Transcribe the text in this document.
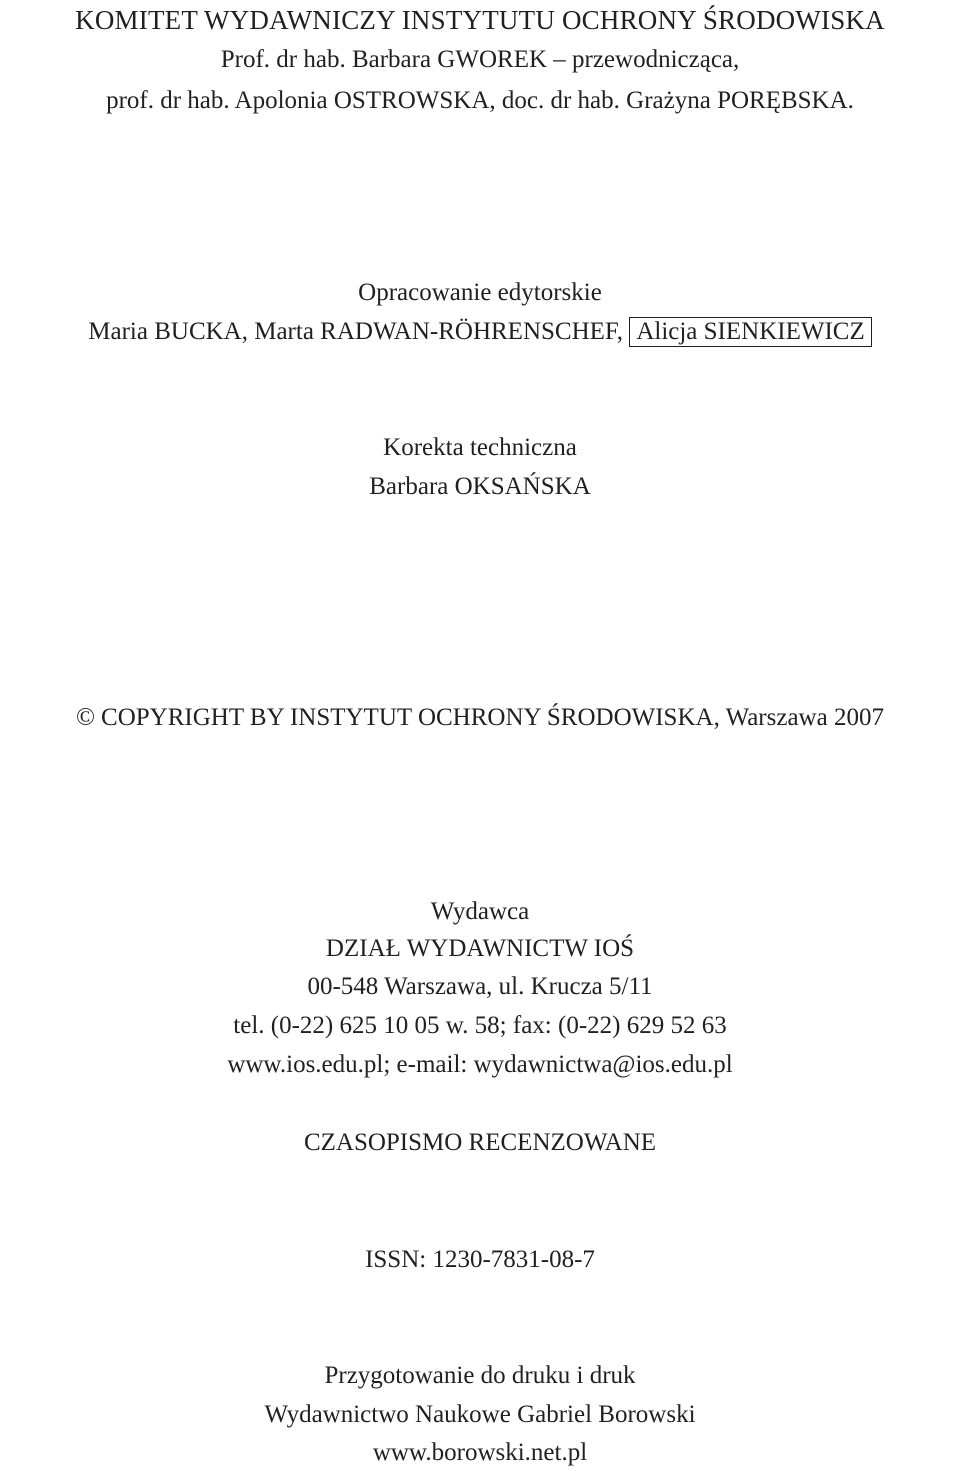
KOMITET WYDAWNICZY INSTYTUTU OCHRONY ŚRODOWISKA
Prof. dr hab. Barbara GWOREK – przewodnicząca,
prof. dr hab. Apolonia OSTROWSKA, doc. dr hab. Grażyna PORĘBSKA.
Opracowanie edytorskie
Maria BUCKA, Marta RADWAN-RÖHRENSCHEF, Alicja SIENKIEWICZ
Korekta techniczna
Barbara OKSAŃSKA
© COPYRIGHT BY INSTYTUT OCHRONY ŚRODOWISKA, Warszawa 2007
Wydawca
DZIAŁ WYDAWNICTW IOŚ
00-548 Warszawa, ul. Krucza 5/11
tel. (0-22) 625 10 05 w. 58; fax: (0-22) 629 52 63
www.ios.edu.pl; e-mail: wydawnictwa@ios.edu.pl
CZASOPISMO RECENZOWANE
ISSN: 1230-7831-08-7
Przygotowanie do druku i druk
Wydawnictwo Naukowe Gabriel Borowski
www.borowski.net.pl
